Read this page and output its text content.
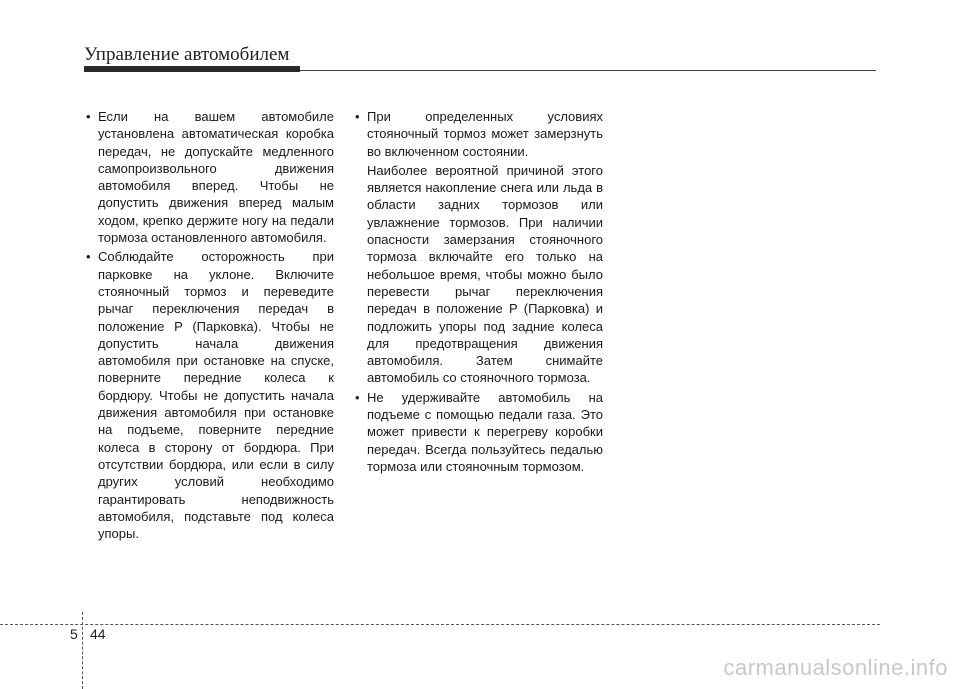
Управление автомобилем
• Если на вашем автомобиле установлена автоматическая коробка передач, не допускайте медленного самопроизвольного движения автомобиля вперед. Чтобы не допустить движения вперед малым ходом, крепко держите ногу на педали тормоза остановленного автомобиля.
• Соблюдайте осторожность при парковке на уклоне. Включите стояночный тормоз и переведите рычаг переключения передач в положение P (Парковка). Чтобы не допустить начала движения автомобиля при остановке на спуске, поверните передние колеса к бордюру. Чтобы не допустить начала движения автомобиля при остановке на подъеме, поверните передние колеса в сторону от бордюра. При отсутствии бордюра, или если в силу других условий необходимо гарантировать неподвижность автомобиля, подставьте под колеса упоры.
• При определенных условиях стояночный тормоз может замерзнуть во включенном состоянии.

Наиболее вероятной причиной этого является накопление снега или льда в области задних тормозов или увлажнение тормозов. При наличии опасности замерзания стояночного тормоза включайте его только на небольшое время, чтобы можно было перевести рычаг переключения передач в положение P (Парковка) и подложить упоры под задние колеса для предотвращения движения автомобиля. Затем снимайте автомобиль со стояночного тормоза.

• Не удерживайте автомобиль на подъеме с помощью педали газа. Это может привести к перегреву коробки передач. Всегда пользуйтесь педалью тормоза или стояночным тормозом.
5 44
carmanualsonline.info
